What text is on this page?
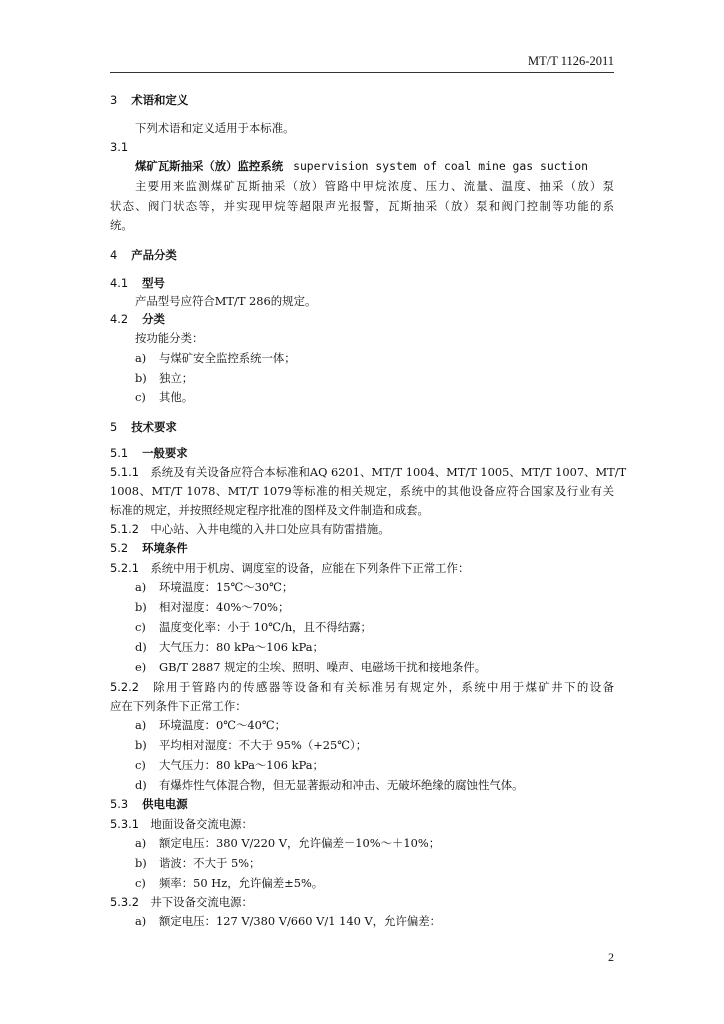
MT/T 1126-2011
3 术语和定义
下列术语和定义适用于本标准。
3.1
煤矿瓦斯抽采（放）监控系统 supervision system of coal mine gas suction
主要用来监测煤矿瓦斯抽采（放）管路中甲烷浓度、压力、流量、温度、抽采（放）泵
状态、阀门状态等，并实现甲烷等超限声光报警，瓦斯抽采（放）泵和阀门控制等功能的系
统。
4 产品分类
4.1 型号
产品型号应符合MT/T 286的规定。
4.2 分类
按功能分类：
a) 与煤矿安全监控系统一体；
b) 独立；
c) 其他。
5 技术要求
5.1 一般要求
5.1.1　 系统及有关设备应符合本标准和AQ 6201、MT/T 1004、MT/T 1005、MT/T 1007、MT/T
1008、MT/T 1078、MT/T 1079等标准的相关规定，系统中的其他设备应符合国家及行业有关
标准的规定，并按照经规定程序批准的图样及文件制造和成套。
5.1.2　 中心站、入井电缆的入井口处应具有防雷措施。
5.2 环境条件
5.2.1　 系统中用于机房、调度室的设备，应能在下列条件下正常工作：
a) 环境温度：15℃～30℃；
b) 相对湿度：40%～70%；
c) 温度变化率：小于 10℃/h，且不得结露；
d) 大气压力：80 kPa～106 kPa；
e) GB/T 2887 规定的尘埃、照明、噪声、电磁场干扰和接地条件。
5.2.2　 除用于管路内的传感器等设备和有关标准另有规定外，系统中用于煤矿井下的设备
应在下列条件下正常工作：
a) 环境温度：0℃～40℃；
b) 平均相对湿度：不大于 95%（+25℃）；
c) 大气压力：80 kPa～106 kPa；
d) 有爆炸性气体混合物，但无显著振动和冲击、无破坏绝缘的腐蚀性气体。
5.3 供电电源
5.3.1　 地面设备交流电源：
a) 额定电压：380 V/220 V，允许偏差－10%～＋10%；
b) 谐波：不大于 5%；
c) 频率：50 Hz，允许偏差±5%。
5.3.2　 井下设备交流电源：
a) 额定电压：127 V/380 V/660 V/1 140 V，允许偏差：
2
